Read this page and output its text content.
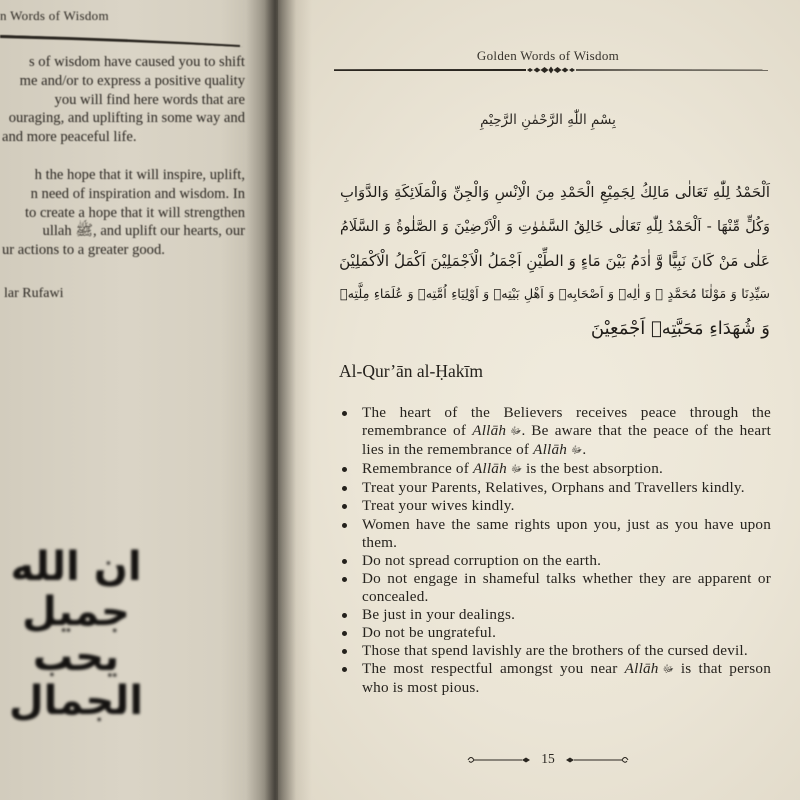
n Words of Wisdom
s of wisdom have caused you to shift
me and/or to express a positive quality
you will find here words that are
ouraging, and uplifting in some way and
and more peaceful life.
h the hope that it will inspire, uplift,
n need of inspiration and wisdom. In
to create a hope that it will strengthen
ullah ﷺ, and uplift our hearts, our
ur actions to a greater good.
lar Rufawi
ان الله جميل يحب الجمال
Golden Words of Wisdom
بِسْمِ اللّٰهِ الرَّحْمٰنِ الرَّحِيْمِ
اَلْحَمْدُ لِلّٰهِ تَعَالٰى مَالِكُ لِجَمِيْعِ الْحَمْدِ مِنَ الْاِنْسِ وَالْجِنِّ وَالْمَلَائِكَةِ وَالدَّوَابِ
وَكُلٍّ مِّنْهَا - اَلْحَمْدُ لِلّٰهِ تَعَالٰى خَالِقُ السَّمٰوٰتِ وَ الْاَرْضِيْنَ وَ الصَّلٰوةُ وَ السَّلَامُ
عَلٰى مَنْ كَانَ نَبِيًّا وَّ اٰدَمُ بَيْنَ مَاءٍ وَ الطِّيْنِ اَجْمَلُ الْاَجْمَلِيْنَ اَكْمَلُ الْاَكْمَلِيْنَ
سَيِّدِنَا وَ مَوْلٰنَا مُحَمَّدٍ ﷺ وَ اٰلِهٖ وَ اَصْحَابِهٖ وَ اَهْلِ بَيْتِهٖ وَ اَوْلِيَاءِ اُمَّتِهٖ وَ عُلَمَاءِ مِلَّتِهٖ
وَ شُهَدَاءِ مَحَبَّتِهٖ اَجْمَعِيْنَ
Al-Qur’ān al-Ḥakīm
The heart of the Believers receives peace through the remembrance of Allāh ﷻ. Be aware that the peace of the heart lies in the remembrance of Allāh ﷻ.
Remembrance of Allāh ﷻ is the best absorption.
Treat your Parents, Relatives, Orphans and Travellers kindly.
Treat your wives kindly.
Women have the same rights upon you, just as you have upon them.
Do not spread corruption on the earth.
Do not engage in shameful talks whether they are apparent or concealed.
Be just in your dealings.
Do not be ungrateful.
Those that spend lavishly are the brothers of the cursed devil.
The most respectful amongst you near Allāh ﷻ is that person who is most pious.
15
